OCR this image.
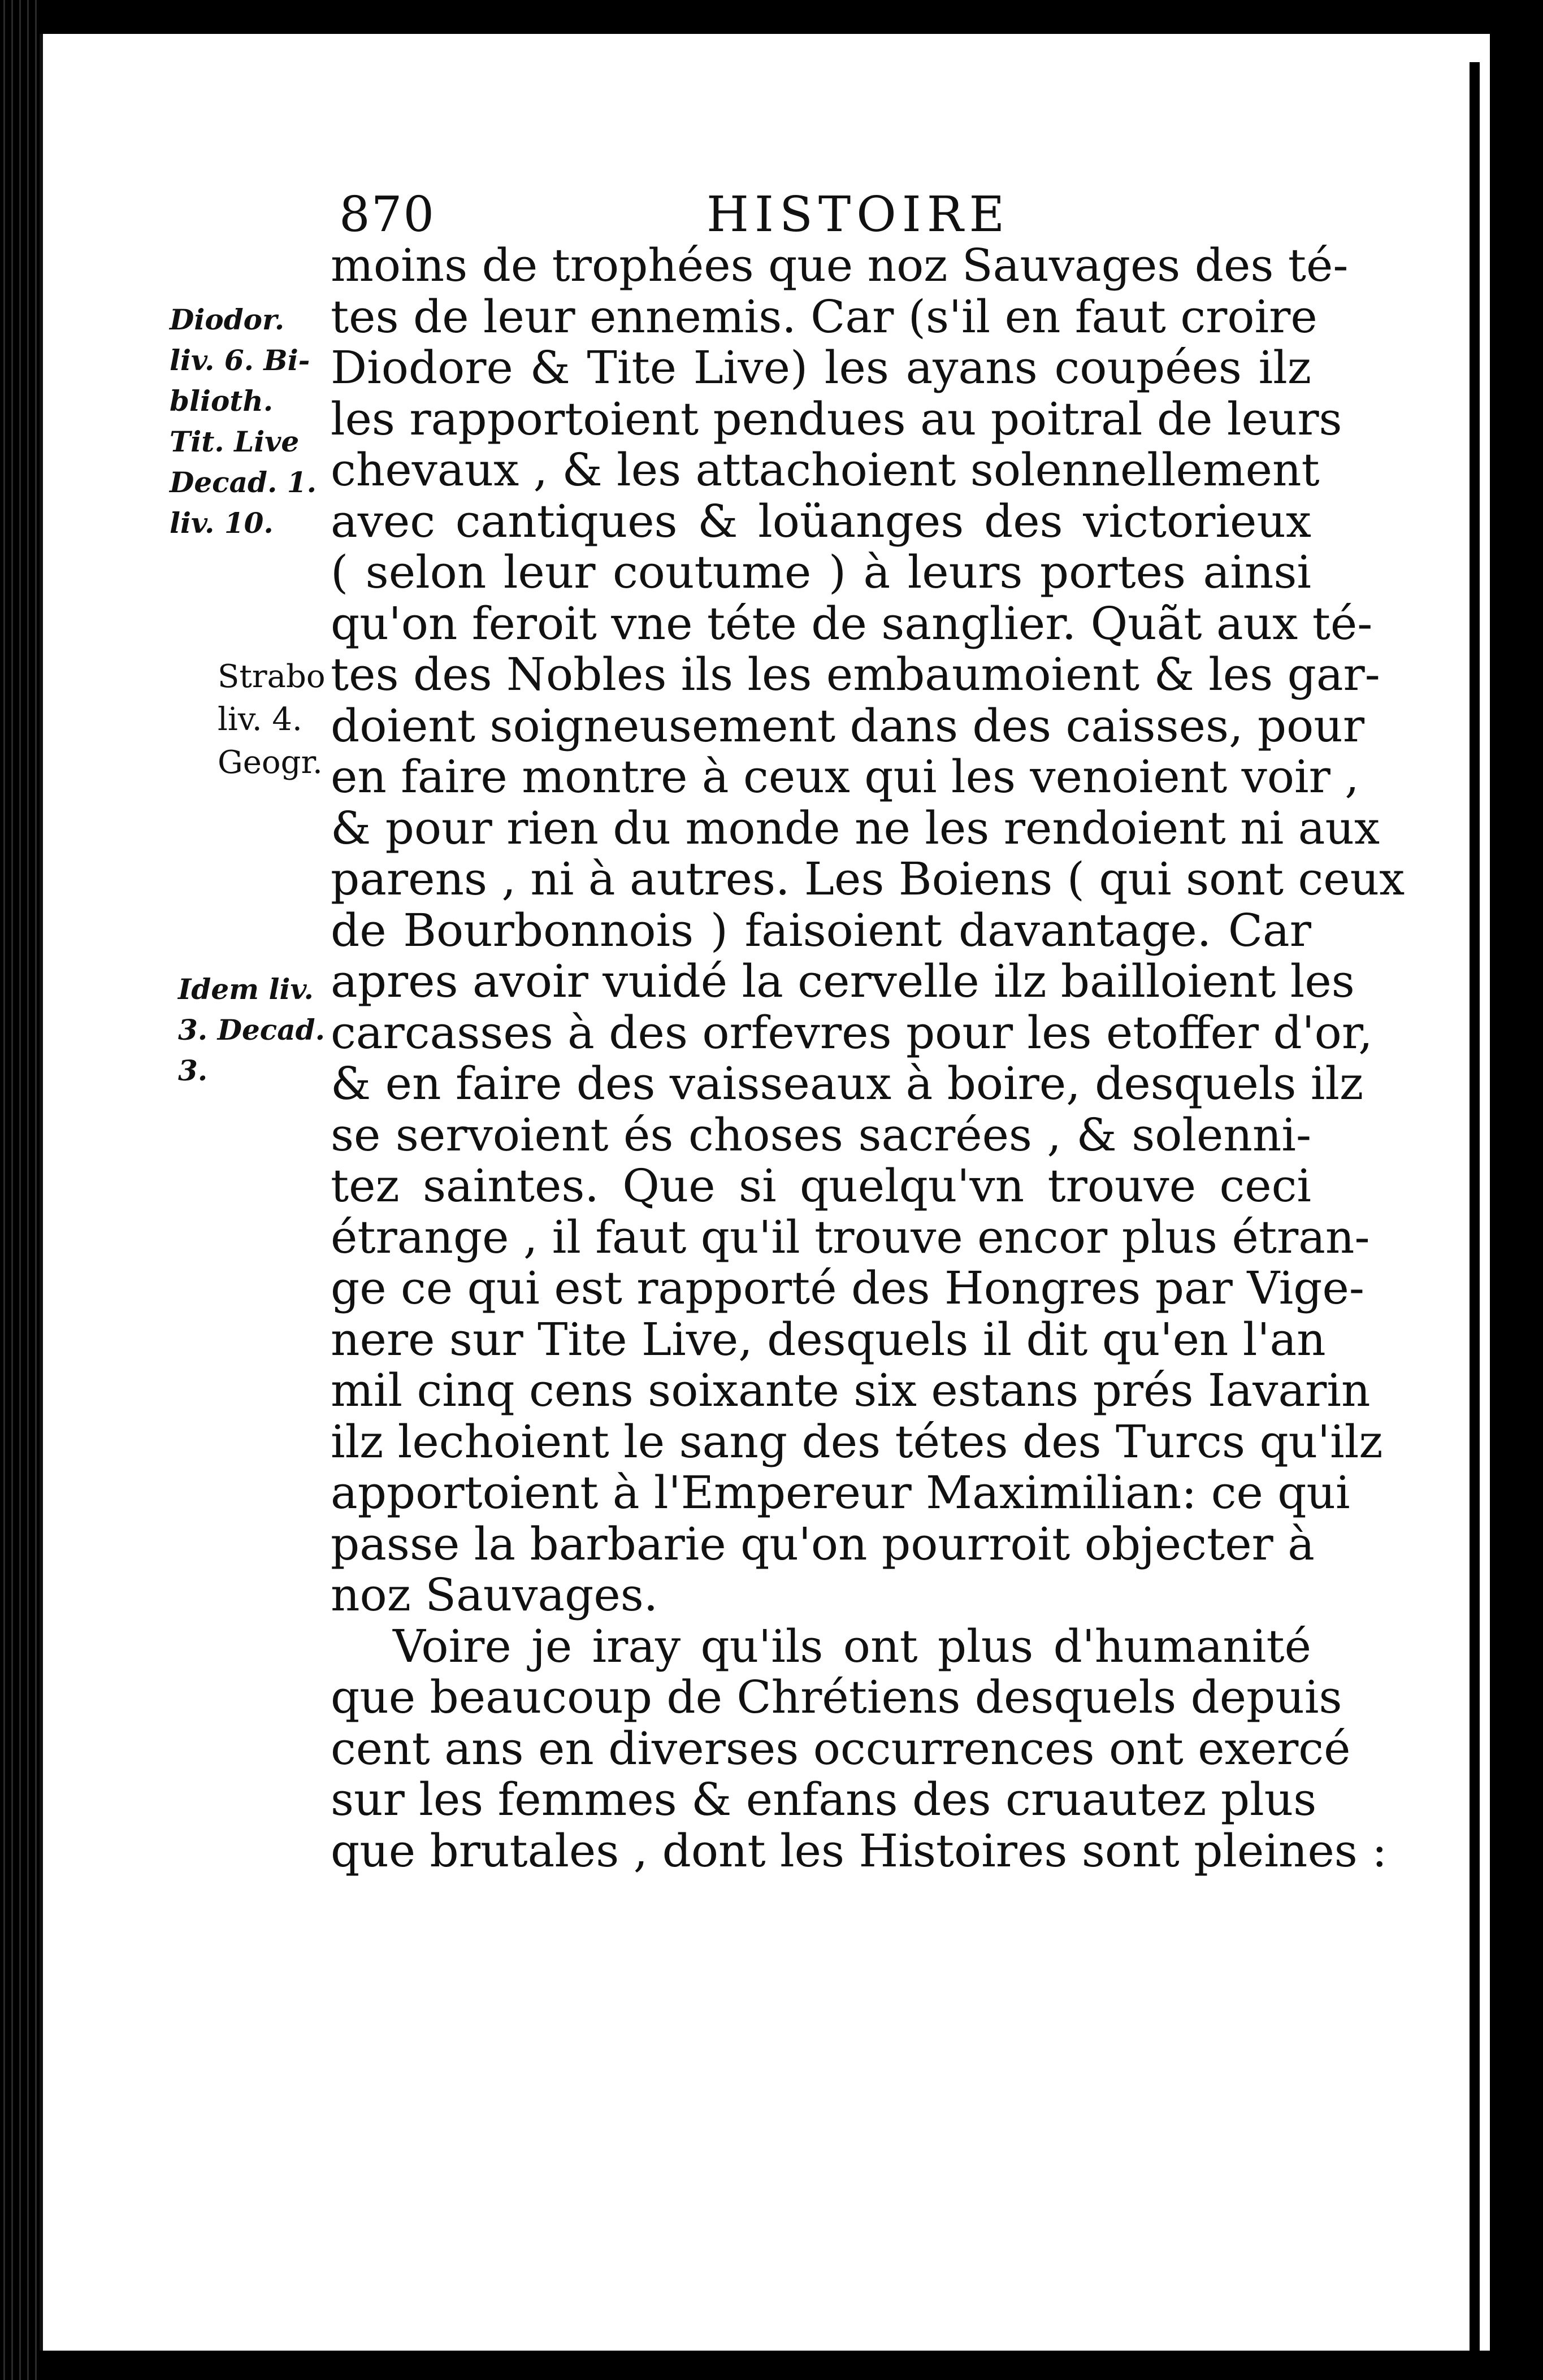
870	HISTOIRE
Diodor.
liv. 6. Bi-
blioth.
Tit. Live
Decad. 1.
liv. 10.
Strabo
liv. 4.
Geogr.
Idem liv.
3. Decad.
3.
moins de trophées que noz Sauvages des té-
tes de leur ennemis. Car (s'il en faut croire
Diodore & Tite Live) les ayans coupées ilz
les rapportoient pendues au poitral de leurs
chevaux , & les attachoient solennellement
avec cantiques & loüanges des victorieux
( selon leur coutume ) à leurs portes ainsi
qu'on feroit vne téte de sanglier. Quãt aux té-
tes des Nobles ils les embaumoient & les gar-
doient soigneusement dans des caisses, pour
en faire montre à ceux qui les venoient voir ,
& pour rien du monde ne les rendoient ni aux
parens , ni à autres. Les Boiens ( qui sont ceux
de Bourbonnois ) faisoient davantage. Car
apres avoir vuidé la cervelle ilz bailloient les
carcasses à des orfevres pour les etoffer d'or,
& en faire des vaisseaux à boire, desquels ilz
se servoient és choses sacrées , & solenni-
tez saintes. Que si quelqu'vn trouve ceci
étrange , il faut qu'il trouve encor plus étran-
ge ce qui est rapporté des Hongres par Vige-
nere sur Tite Live, desquels il dit qu'en l'an
mil cinq cens soixante six estans prés Iavarin
ilz lechoient le sang des tétes des Turcs qu'ilz
apportoient à l'Empereur Maximilian: ce qui
passe la barbarie qu'on pourroit objecter à
noz Sauvages.
Voire je iray qu'ils ont plus d'humanité
que beaucoup de Chrétiens desquels depuis
cent ans en diverses occurrences ont exercé
sur les femmes & enfans des cruautez plus
que brutales , dont les Histoires sont pleines :
